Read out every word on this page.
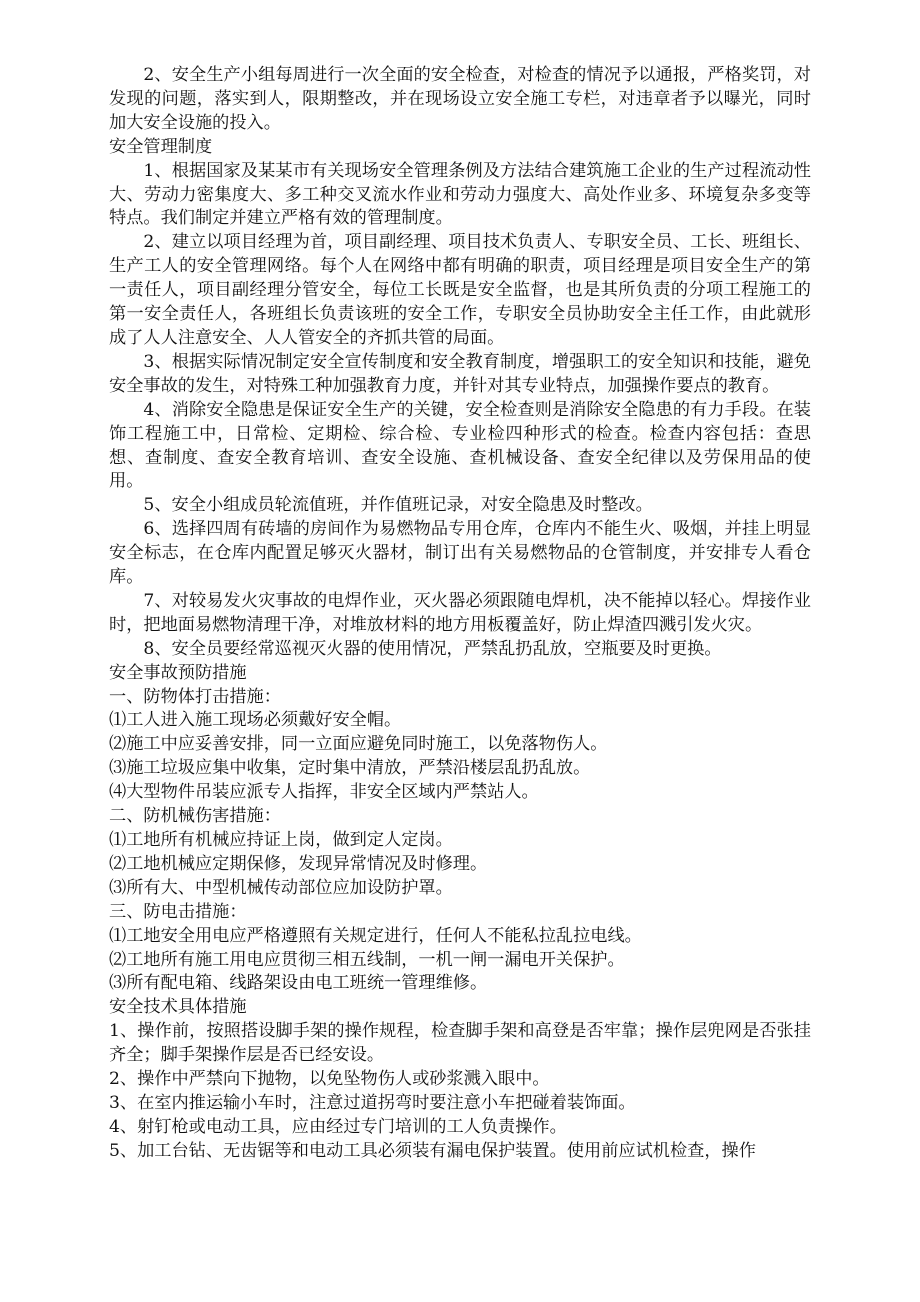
2、安全生产小组每周进行一次全面的安全检查，对检查的情况予以通报，严格奖罚，对发现的问题，落实到人，限期整改，并在现场设立安全施工专栏，对违章者予以曝光，同时加大安全设施的投入。

安全管理制度

1、根据国家及某某市有关现场安全管理条例及方法结合建筑施工企业的生产过程流动性大、劳动力密集度大、多工种交叉流水作业和劳动力强度大、高处作业多、环境复杂多变等特点。我们制定并建立严格有效的管理制度。

2、建立以项目经理为首，项目副经理、项目技术负责人、专职安全员、工长、班组长、生产工人的安全管理网络。每个人在网络中都有明确的职责，项目经理是项目安全生产的第一责任人，项目副经理分管安全，每位工长既是安全监督，也是其所负责的分项工程施工的第一安全责任人，各班组长负责该班的安全工作，专职安全员协助安全主任工作，由此就形成了人人注意安全、人人管安全的齐抓共管的局面。

3、根据实际情况制定安全宣传制度和安全教育制度，增强职工的安全知识和技能，避免安全事故的发生，对特殊工种加强教育力度，并针对其专业特点，加强操作要点的教育。

4、消除安全隐患是保证安全生产的关键，安全检查则是消除安全隐患的有力手段。在装饰工程施工中，日常检、定期检、综合检、专业检四种形式的检查。检查内容包括：查思想、查制度、查安全教育培训、查安全设施、查机械设备、查安全纪律以及劳保用品的使用。

5、安全小组成员轮流值班，并作值班记录，对安全隐患及时整改。

6、选择四周有砖墙的房间作为易燃物品专用仓库，仓库内不能生火、吸烟，并挂上明显安全标志，在仓库内配置足够灭火器材，制订出有关易燃物品的仓管制度，并安排专人看仓库。

7、对较易发火灾事故的电焊作业，灭火器必须跟随电焊机，决不能掉以轻心。焊接作业时，把地面易燃物清理干净，对堆放材料的地方用板覆盖好，防止焊渣四溅引发火灾。

8、安全员要经常巡视灭火器的使用情况，严禁乱扔乱放，空瓶要及时更换。

安全事故预防措施

一、防物体打击措施：

⑴工人进入施工现场必须戴好安全帽。

⑵施工中应妥善安排，同一立面应避免同时施工，以免落物伤人。

⑶施工垃圾应集中收集，定时集中清放，严禁沿楼层乱扔乱放。

⑷大型物件吊装应派专人指挥，非安全区域内严禁站人。

二、防机械伤害措施：

⑴工地所有机械应持证上岗，做到定人定岗。

⑵工地机械应定期保修，发现异常情况及时修理。

⑶所有大、中型机械传动部位应加设防护罩。

三、防电击措施：

⑴工地安全用电应严格遵照有关规定进行，任何人不能私拉乱拉电线。

⑵工地所有施工用电应贯彻三相五线制，一机一闸一漏电开关保护。

⑶所有配电箱、线路架设由电工班统一管理维修。

安全技术具体措施

1、操作前，按照搭设脚手架的操作规程，检查脚手架和高登是否牢靠；操作层兜网是否张挂齐全；脚手架操作层是否已经安设。

2、操作中严禁向下抛物，以免坠物伤人或砂浆溅入眼中。

3、在室内推运输小车时，注意过道拐弯时要注意小车把碰着装饰面。

4、射钉枪或电动工具，应由经过专门培训的工人负责操作。

5、加工台钻、无齿锯等和电动工具必须装有漏电保护装置。使用前应试机检查，操作
